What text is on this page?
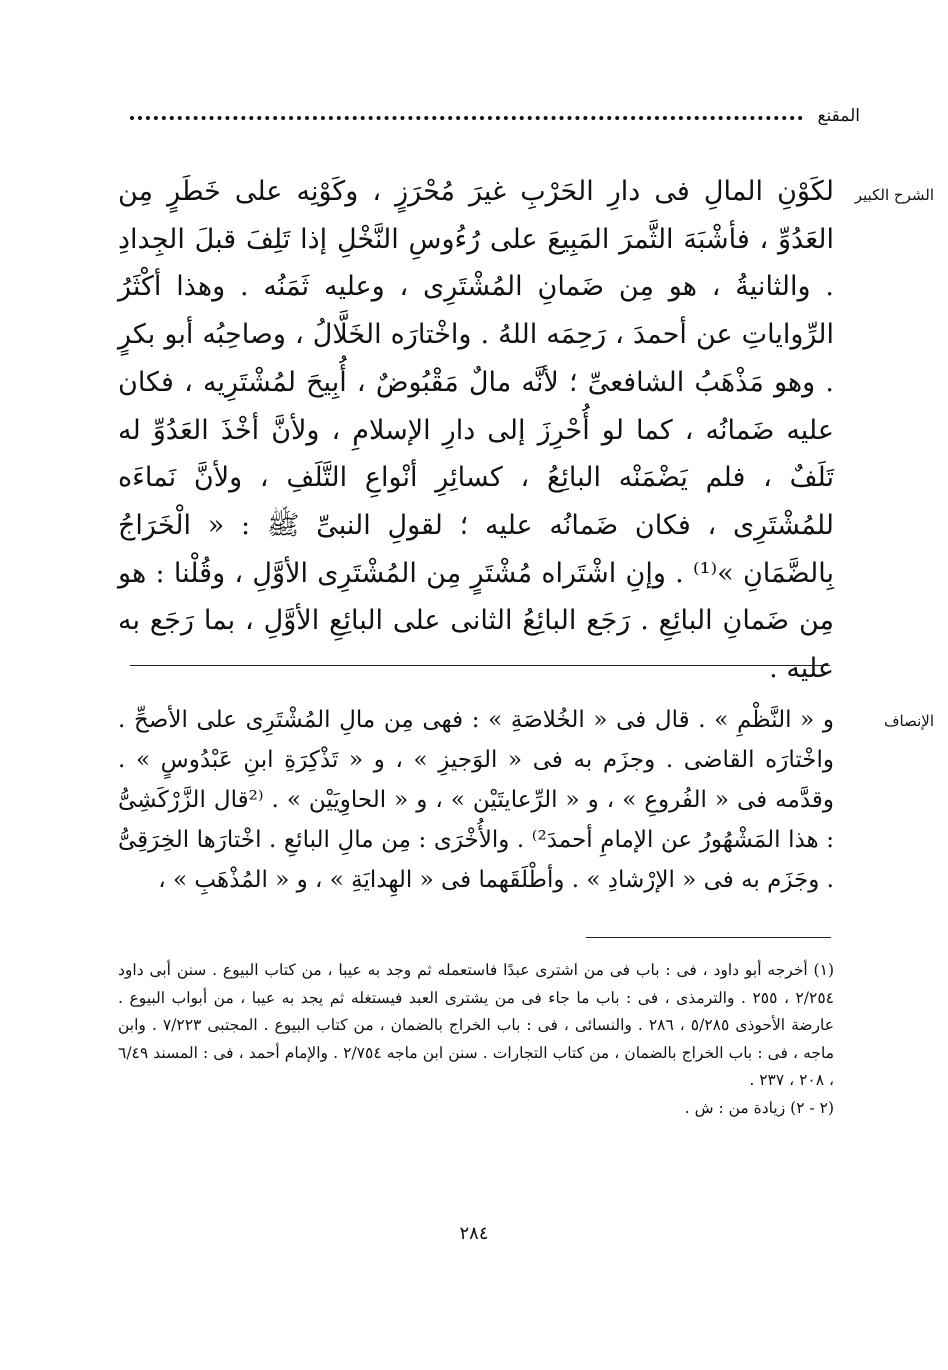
المقنع
الشرح الكبير

لكَوْنِ المالِ فى دارِ الحَرْبِ غيرَ مُحْرَزٍ ، وكَوْنِه على خَطَرٍ مِن العَدُوِّ ، فأشْبَهَ الثَّمرَ المَبِيعَ على رُءُوسِ النَّخْلِ إذا تَلِفَ قبلَ الجِدادِ . والثانيةُ ، هو مِن ضَمانِ المُشْتَرِى ، وعليه ثَمَنُه . وهذا أكْثَرُ الرِّواياتِ عن أحمدَ ، رَحِمَه اللهُ . واخْتارَه الخَلَّالُ ، وصاحِبُه أبو بكرٍ . وهو مَذْهَبُ الشافعىِّ ؛ لأنَّه مالٌ مَقْبُوضٌ ، أُبِيحَ لمُشْتَرِيه ، فكان عليه ضَمانُه ، كما لو أُحْرِزَ إلى دارِ الإسلامِ ، ولأنَّ أخْذَ العَدُوِّ له تَلَفٌ ، فلم يَضْمَنْه البائِعُ ، كسائِرِ أنْواعِ التَّلَفِ ، ولأنَّ نَماءَه للمُشْتَرِى ، فكان ضَمانُه عليه ؛ لقولِ النبىِّ ﷺ : « الْخَرَاجُ بِالضَّمَانِ »⁽¹⁾ . وإنِ اشْتَراه مُشْتَرٍ مِن المُشْتَرِى الأوَّلِ ، وقُلْنا : هو مِن ضَمانِ البائِعِ . رَجَع البائِعُ الثانى على البائِعِ الأوَّلِ ، بما رَجَع به عليه .

الإنصاف

و « النَّظْمِ » . قال فى « الخُلاصَةِ » : فهى مِن مالِ المُشْتَرِى على الأصحِّ . واخْتارَه القاضى . وجزَم به فى « الوَجيزِ » ، و « تَذْكِرَةِ ابنِ عَبْدُوسٍ » . وقدَّمه فى « الفُروعِ » ، و « الرِّعايتَيْن » ، و « الحاوِيَيْن » . ⁽²قال الزَّرْكَشِىُّ : هذا المَشْهُورُ عن الإمامِ أحمدَ²⁾ . والأُخْرَى : مِن مالِ البائعِ . اخْتارَها الخِرَقِىُّ . وجَزَم به فى « الإرْشادِ » . وأطْلَقَهما فى « الهِدايَةِ » ، و « المُذْهَبِ » ،

(١) أخرجه أبو داود ، فى : باب فى من اشترى عبدًا فاستعمله ثم وجد به عيبا ، من كتاب البيوع . سنن أبى داود ٢/٢٥٤ ، ٢٥٥ . والترمذى ، فى : باب ما جاء فى من يشترى العبد فيستغله ثم يجد به عيبا ، من أبواب البيوع . عارضة الأحوذى ٥/٢٨٥ ، ٢٨٦ . والنسائى ، فى : باب الخراج بالضمان ، من كتاب البيوع . المجتبى ٧/٢٢٣ . وابن ماجه ، فى : باب الخراج بالضمان ، من كتاب التجارات . سنن ابن ماجه ٢/٧٥٤ . والإمام أحمد ، فى : المسند ٦/٤٩ ، ٢٠٨ ، ٢٣٧ .

(٢ - ٢) زيادة من : ش .

٢٨٤
